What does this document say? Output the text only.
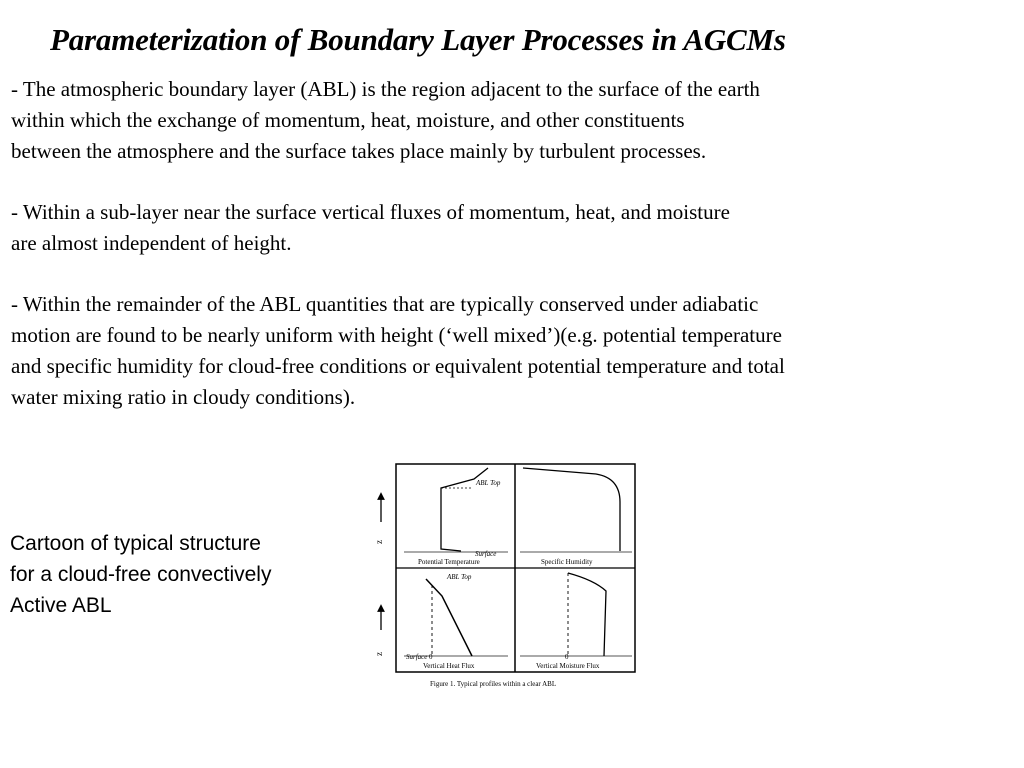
Parameterization of Boundary Layer Processes in AGCMs

- The atmospheric boundary layer (ABL) is the region adjacent to the surface of the earth
within which the exchange of momentum, heat, moisture, and other constituents
between the atmosphere and the surface takes place mainly by turbulent processes.

- Within a sub-layer near the surface vertical fluxes of momentum, heat, and moisture
are almost independent of height.

- Within the remainder of the ABL quantities that are typically conserved under adiabatic
motion are found to be nearly uniform with height (‘well mixed’)(e.g. potential temperature
and specific humidity for cloud-free conditions or equivalent potential temperature and total
water mixing ratio in cloudy conditions).

Cartoon of typical structure
for a cloud-free convectively
Active ABL
z
z
ABL Top
Surface
Potential Temperature	Specific Humidity
ABL Top
Surface 0
Vertical Heat Flux
0
Vertical Moisture Flux
Figure 1. Typical profiles within a clear ABL
